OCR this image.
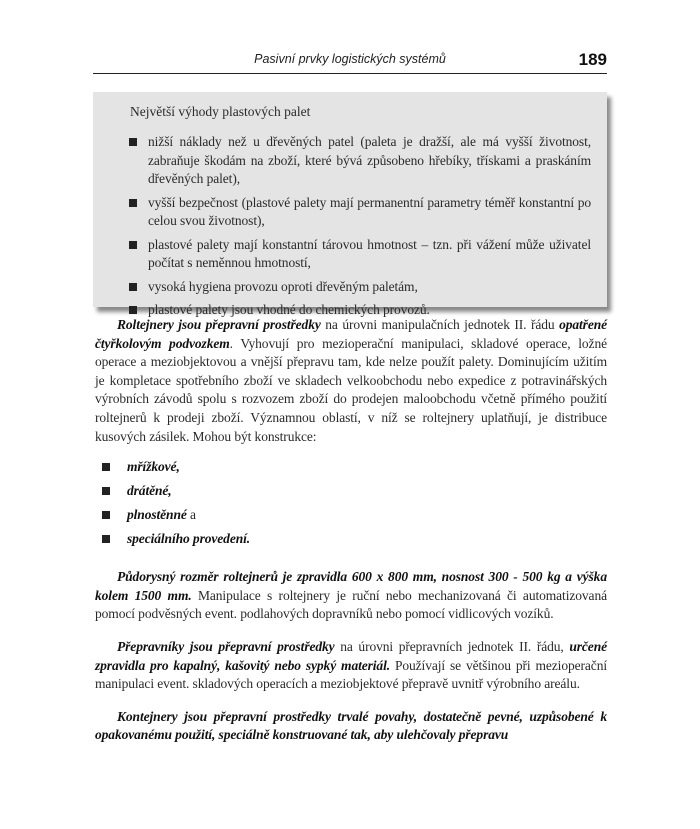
Pasivní prvky logistických systémů	189
Největší výhody plastových palet
nižší náklady než u dřevěných patel (paleta je dražší, ale má vyšší životnost, zabraňuje škodám na zboží, které bývá způsobeno hřebíky, třískami a praskáním dřevěných palet),
vyšší bezpečnost (plastové palety mají permanentní parametry téměř konstantní po celou svou životnost),
plastové palety mají konstantní tárovou hmotnost – tzn. při vážení může uživatel počítat s neměnnou hmotností,
vysoká hygiena provozu oproti dřevěným paletám,
plastové palety jsou vhodné do chemických provozů.

Roltejnery jsou přepravní prostředky na úrovni manipulačních jednotek II. řádu opatřené čtyřkolovým podvozkem. Vyhovují pro mezioperační manipulaci, skladové operace, ložné operace a meziobjektovou a vnější přepravu tam, kde nelze použít palety. Dominujícím užitím je kompletace spotřebního zboží ve skladech velkoobchodu nebo expedice z potravinářských výrobních závodů spolu s rozvozem zboží do prodejen maloobchodu včetně přímého použití roltejnerů k prodeji zboží. Významnou oblastí, v níž se roltejnery uplatňují, je distribuce kusových zásilek. Mohou být konstrukce:

mřížkové,
drátěné,
plnostěnné a
speciálního provedení.

Půdorysný rozměr roltejnerů je zpravidla 600 x 800 mm, nosnost 300 - 500 kg a výška kolem 1500 mm. Manipulace s roltejnery je ruční nebo mechanizovaná či automatizovaná pomocí podvěsných event. podlahových dopravníků nebo pomocí vidlicových vozíků.

Přepravníky jsou přepravní prostředky na úrovni přepravních jednotek II. řádu, určené zpravidla pro kapalný, kašovitý nebo sypký materiál. Používají se většinou při mezioperační manipulaci event. skladových operacích a meziobjektové přepravě uvnitř výrobního areálu.

Kontejnery jsou přepravní prostředky trvalé povahy, dostatečně pevné, uzpůsobené k opakovanému použití, speciálně konstruované tak, aby ulehčovaly přepravu
